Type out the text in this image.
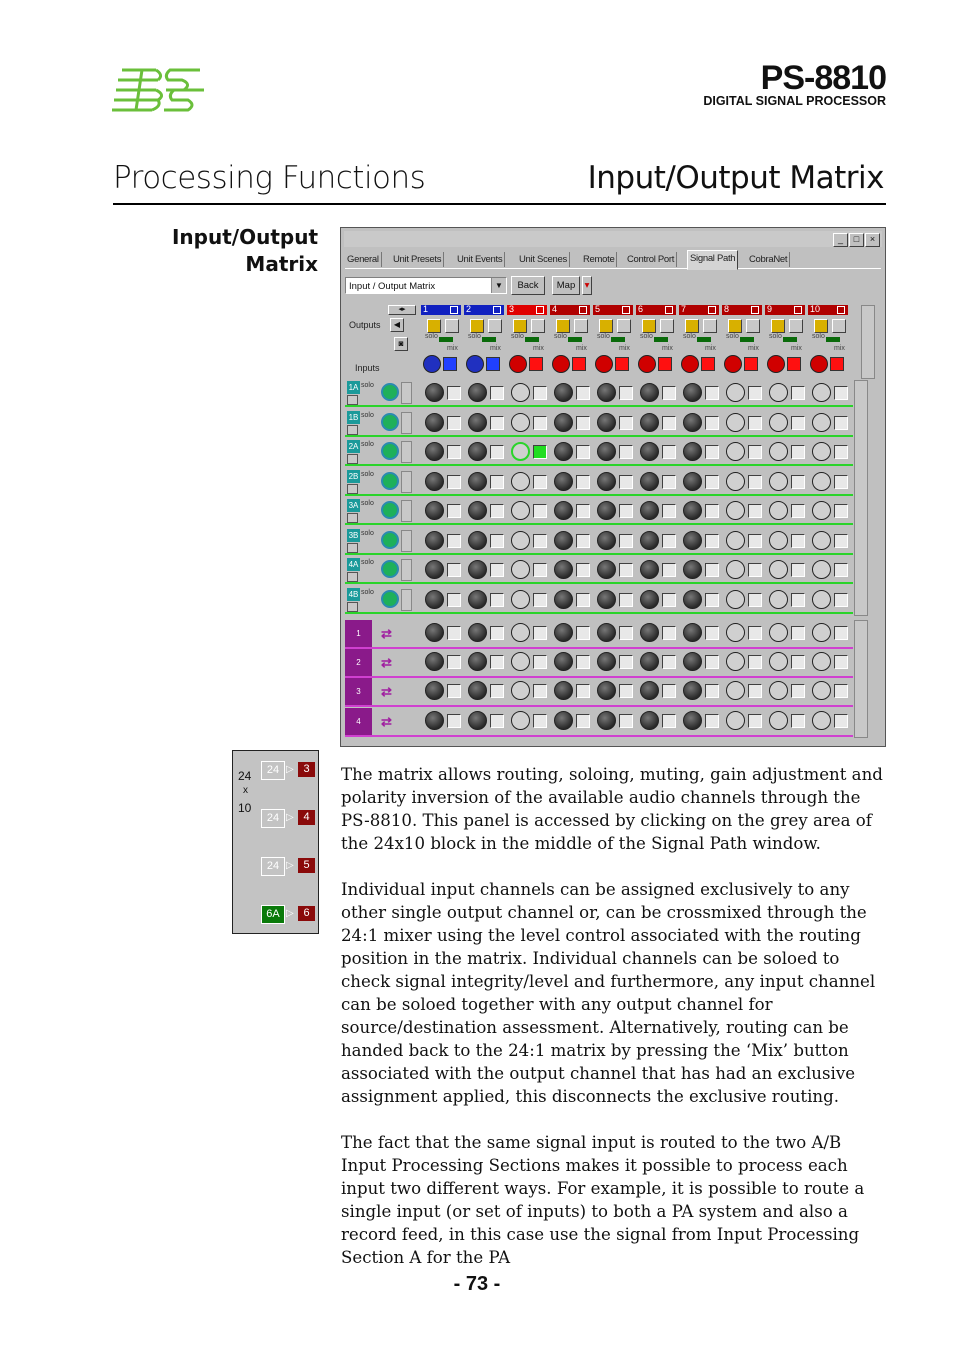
PS-8810
DIGITAL SIGNAL PROCESSOR
Processing Functions	Input/Output Matrix
Input/Output
Matrix
_	□	×
General	Unit Presets	Unit Events	Unit Scenes	Remote	Control Port	Signal Path	CobraNet
Input / Output Matrix	▼	Back	Map ▾
Outputs
Inputs
◂▸
◀
◙
1
solo
mix
2
solo
mix
3
solo
mix
4
solo
mix
5
solo
mix
6
solo
mix
7
solo
mix
8
solo
mix
9
solo
mix
10
solo
mix
1A solo
1B solo
2A solo
2B solo
3A solo
3B solo
4A solo
4B solo
1	⇄
2	⇄
3	⇄
4	⇄
24
x
10
24
24
24
6A
▷
▷
▷
▷
3
4
5
6

The matrix allows routing, soloing, muting, gain adjustment and polarity inversion of the available audio channels through the PS-8810. This panel is accessed by clicking on the grey area of the 24x10 block in the middle of the Signal Path window.

Individual input channels can be assigned exclusively to any other single output channel or, can be crossmixed through the 24:1 mixer using the level control associated with the routing position in the matrix. Individual channels can be soloed to check signal integrity/level and furthermore, any input channel can be soloed together with any output channel for source/destination assessment. Alternatively, routing can be handed back to the 24:1 matrix by pressing the ‘Mix’ button associated with the output channel that has had an exclusive assignment applied, this disconnects the exclusive routing.

The fact that the same signal input is routed to the two A/B Input Processing Sections makes it possible to process each input two different ways. For example, it is possible to route a single input (or set of inputs) to both a PA system and also a record feed, in this case use the signal from Input Processing Section A for the PA

- 73 -
